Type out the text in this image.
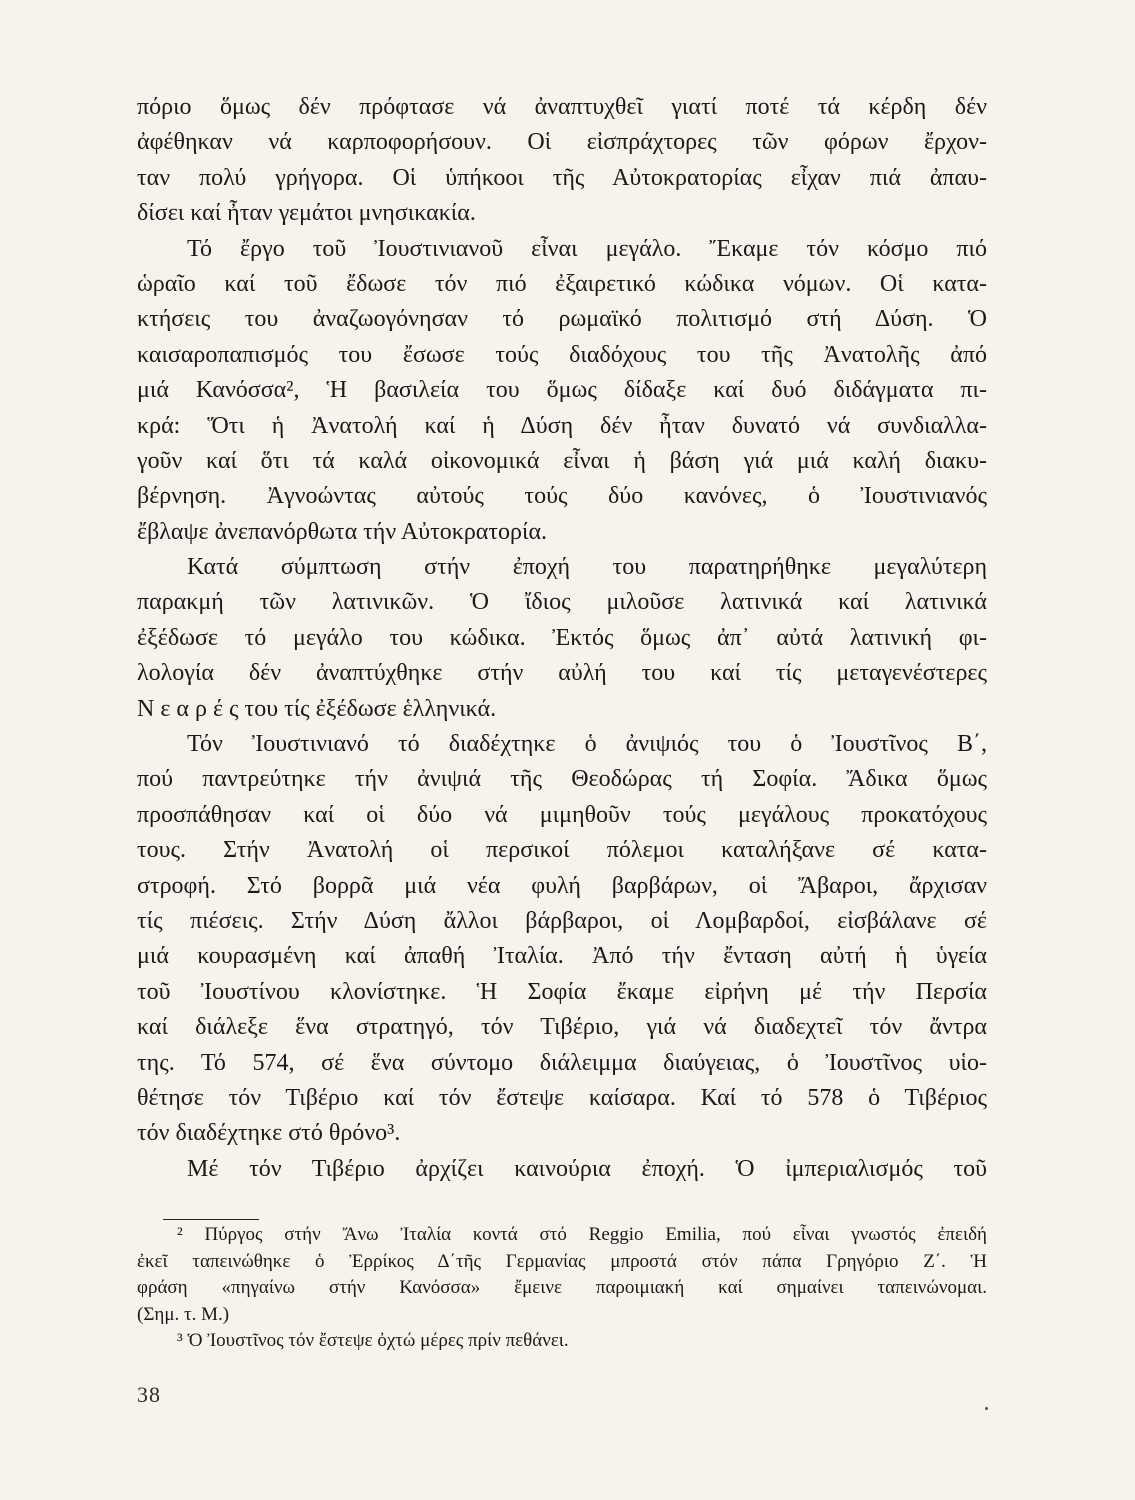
πόριο ὅμως δέν πρόφτασε νά ἀναπτυχθεῖ γιατί ποτέ τά κέρδη δέν
ἀφέθηκαν νά καρποφορήσουν. Οἱ εἰσπράχτορες τῶν φόρων ἔρχον-
ταν πολύ γρήγορα. Οἱ ὑπήκοοι τῆς Αὐτοκρατορίας εἶχαν πιά ἀπαυ-
δίσει καί ἦταν γεμάτοι μνησικακία.
Τό ἔργο τοῦ Ἰουστινιανοῦ εἶναι μεγάλο. Ἔκαμε τόν κόσμο πιό
ὡραῖο καί τοῦ ἔδωσε τόν πιό ἐξαιρετικό κώδικα νόμων. Οἱ κατα-
κτήσεις του ἀναζωογόνησαν τό ρωμαϊκό πολιτισμό στή Δύση. Ὁ
καισαροπαπισμός του ἔσωσε τούς διαδόχους του τῆς Ἀνατολῆς ἀπό
μιά Κανόσσα², Ἡ βασιλεία του ὅμως δίδαξε καί δυό διδάγματα πι-
κρά: Ὅτι ἡ Ἀνατολή καί ἡ Δύση δέν ἦταν δυνατό νά συνδιαλλα-
γοῦν καί ὅτι τά καλά οἰκονομικά εἶναι ἡ βάση γιά μιά καλή διακυ-
βέρνηση. Ἀγνοώντας αὐτούς τούς δύο κανόνες, ὁ Ἰουστινιανός
ἔβλαψε ἀνεπανόρθωτα τήν Αὐτοκρατορία.
Κατά σύμπτωση στήν ἐποχή του παρατηρήθηκε μεγαλύτερη
παρακμή τῶν λατινικῶν. Ὁ ἴδιος μιλοῦσε λατινικά καί λατινικά
ἐξέδωσε τό μεγάλο του κώδικα. Ἐκτός ὅμως ἀπ᾽ αὐτά λατινική φι-
λολογία δέν ἀναπτύχθηκε στήν αὐλή του καί τίς μεταγενέστερες
Ν ε α ρ έ ς του τίς ἐξέδωσε ἑλληνικά.
Τόν Ἰουστινιανό τό διαδέχτηκε ὁ ἀνιψιός του ὁ Ἰουστῖνος Β΄,
πού παντρεύτηκε τήν ἀνιψιά τῆς Θεοδώρας τή Σοφία. Ἄδικα ὅμως
προσπάθησαν καί οἱ δύο νά μιμηθοῦν τούς μεγάλους προκατόχους
τους. Στήν Ἀνατολή οἱ περσικοί πόλεμοι καταλήξανε σέ κατα-
στροφή. Στό βορρᾶ μιά νέα φυλή βαρβάρων, οἱ Ἄβαροι, ἄρχισαν
τίς πιέσεις. Στήν Δύση ἄλλοι βάρβαροι, οἱ Λομβαρδοί, εἰσβάλανε σέ
μιά κουρασμένη καί ἀπαθή Ἰταλία. Ἀπό τήν ἔνταση αὐτή ἡ ὑγεία
τοῦ Ἰουστίνου κλονίστηκε. Ἡ Σοφία ἔκαμε εἰρήνη μέ τήν Περσία
καί διάλεξε ἕνα στρατηγό, τόν Τιβέριο, γιά νά διαδεχτεῖ τόν ἄντρα
της. Τό 574, σέ ἕνα σύντομο διάλειμμα διαύγειας, ὁ Ἰουστῖνος υἱο-
θέτησε τόν Τιβέριο καί τόν ἔστεψε καίσαρα. Καί τό 578 ὁ Τιβέριος
τόν διαδέχτηκε στό θρόνο³.
Μέ τόν Τιβέριο ἀρχίζει καινούρια ἐποχή. Ὁ ἰμπεριαλισμός τοῦ
² Πύργος στήν Ἄνω Ἰταλία κοντά στό Reggio Emilia, πού εἶναι γνωστός ἐπειδή
ἐκεῖ ταπεινώθηκε ὁ Ἐρρίκος Δ΄τῆς Γερμανίας μπροστά στόν πάπα Γρηγόριο Ζ΄. Ἡ
φράση «πηγαίνω στήν Κανόσσα» ἔμεινε παροιμιακή καί σημαίνει ταπεινώνομαι.
(Σημ. τ. Μ.)
³ Ὁ Ἰουστῖνος τόν ἔστεψε ὀχτώ μέρες πρίν πεθάνει.
38
